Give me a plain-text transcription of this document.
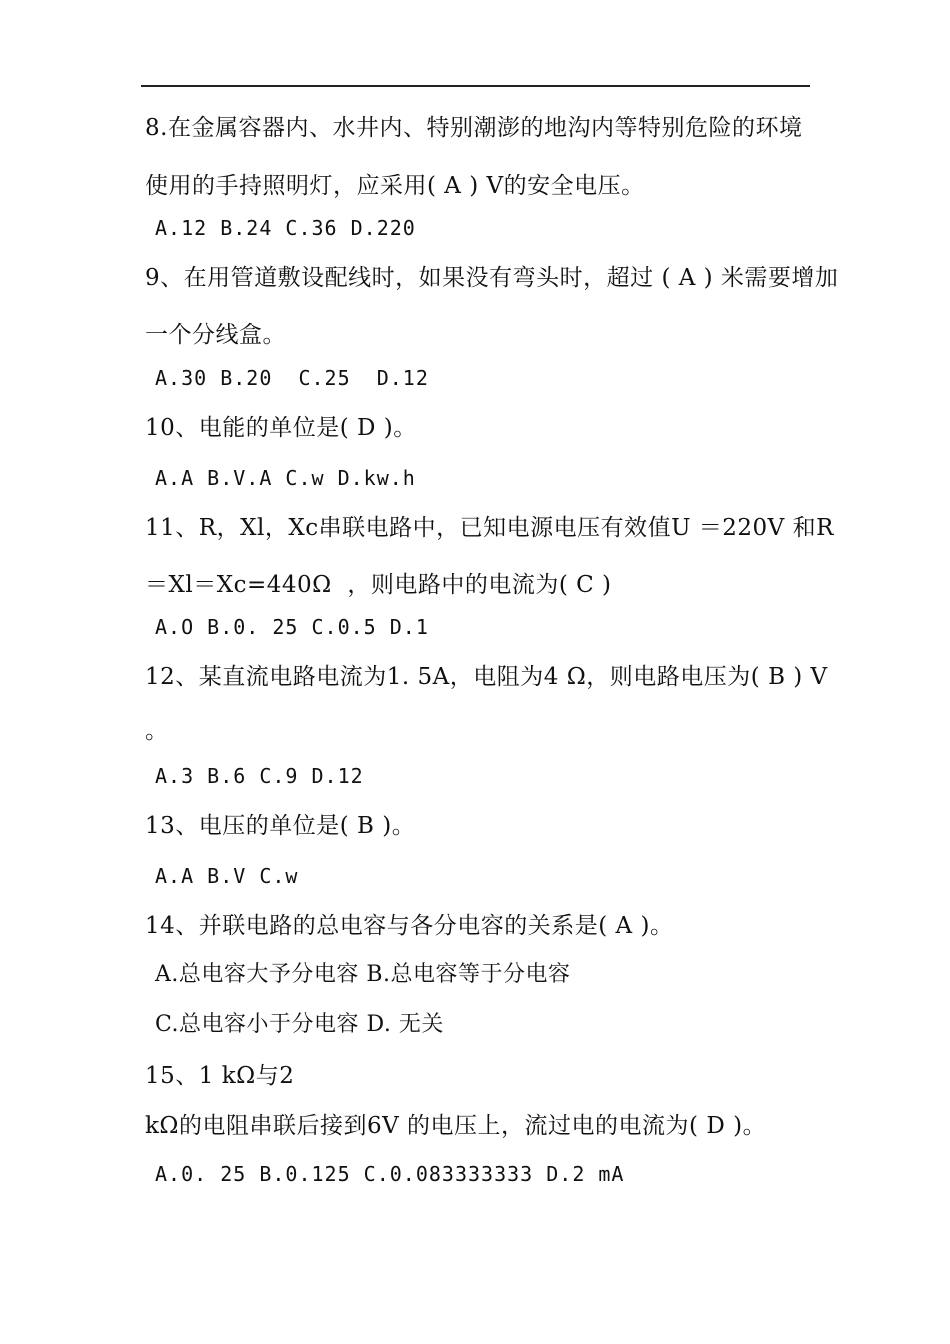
8.在金属容器内、水井内、特别潮澎的地沟内等特别危险的环境
使用的手持照明灯，应采用( A ) V的安全电压。
A.12 B.24 C.36 D.220
9、在用管道敷设配线时，如果没有弯头时，超过 ( A ) 米需要增加
一个分线盒。
A.30 B.20  C.25  D.12
10、电能的单位是( D )。
A.A B.V.A C.w D.kw.h
11、R，Xl，Xc串联电路中，已知电源电压有效值U ＝220V 和R
＝Xl＝Xc=440Ω  ，则电路中的电流为( C )
A.O B.0. 25 C.0.5 D.1
12、某直流电路电流为1. 5A，电阻为4 Ω，则电路电压为( B ) V
。
A.3 B.6 C.9 D.12
13、电压的单位是( B )。
A.A B.V C.w
14、并联电路的总电容与各分电容的关系是( A )。
A.总电容大予分电容 B.总电容等于分电容
C.总电容小于分电容 D. 无关
15、1 kΩ与2
kΩ的电阻串联后接到6V 的电压上，流过电的电流为( D )。
A.0. 25 B.0.125 C.0.083333333 D.2 mA
